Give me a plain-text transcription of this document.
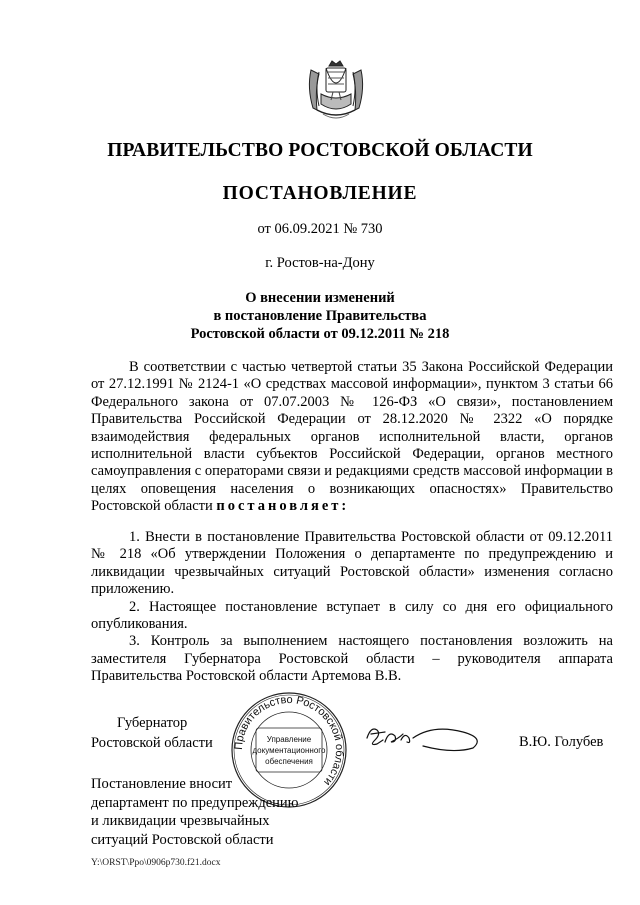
ПРАВИТЕЛЬСТВО РОСТОВСКОЙ ОБЛАСТИ
ПОСТАНОВЛЕНИЕ
от 06.09.2021 № 730
г. Ростов-на-Дону
О внесении изменений
в постановление Правительства
Ростовской области от 09.12.2011 № 218

В соответствии с частью четвертой статьи 35 Закона Российской Федерации от 27.12.1991 № 2124-1 «О средствах массовой информации», пунктом 3 статьи 66 Федерального закона от 07.07.2003 № 126-ФЗ «О связи», постановлением Правительства Российской Федерации от 28.12.2020 № 2322 «О порядке взаимодействия федеральных органов исполнительной власти, органов исполнительной власти субъектов Российской Федерации, органов местного самоуправления с операторами связи и редакциями средств массовой информации в целях оповещения населения о возникающих опасностях» Правительство Ростовской области постановляет:

1. Внести в постановление Правительства Ростовской области от 09.12.2011 № 218 «Об утверждении Положения о департаменте по предупреждению и ликвидации чрезвычайных ситуаций Ростовской области» изменения согласно приложению.

2. Настоящее постановление вступает в силу со дня его официального опубликования.

3. Контроль за выполнением настоящего постановления возложить на заместителя Губернатора Ростовской области – руководителя аппарата Правительства Ростовской области Артемова В.В.

Губернатор
Ростовской области Правительство Ростовской области
Управление
документационного
обеспечения
В.Ю. Голубев
Постановление вносит
департамент по предупреждению
и ликвидации чрезвычайных
ситуаций Ростовской области
Y:\ORST\Ppo\0906p730.f21.docx
